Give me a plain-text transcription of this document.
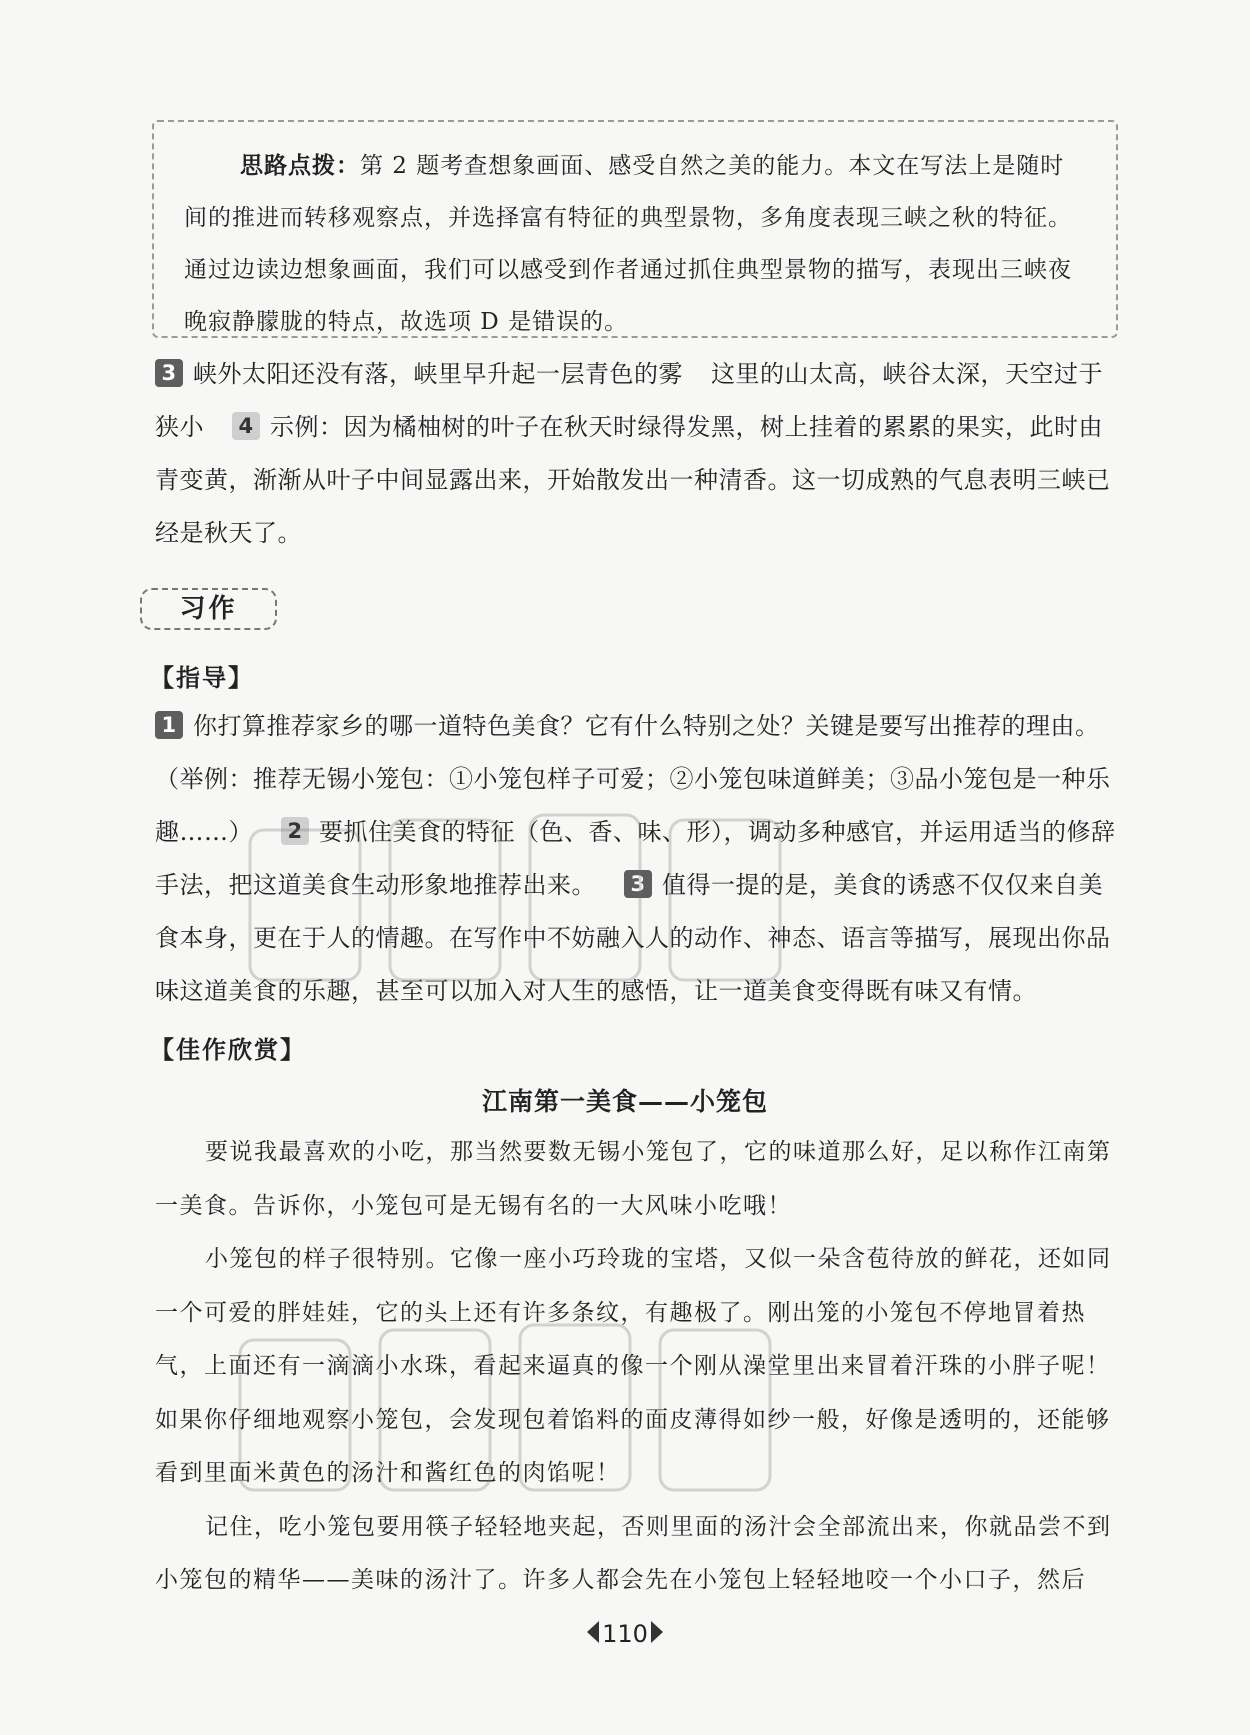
思路点拨：第 2 题考查想象画面、感受自然之美的能力。本文在写法上是随时间的推进而转移观察点，并选择富有特征的典型景物，多角度表现三峡之秋的特征。通过边读边想象画面，我们可以感受到作者通过抓住典型景物的描写，表现出三峡夜晚寂静朦胧的特点，故选项 D 是错误的。
3 峡外太阳还没有落，峡里早升起一层青色的雾 这里的山太高，峡谷太深，天空过于狭小 4 示例：因为橘柚树的叶子在秋天时绿得发黑，树上挂着的累累的果实，此时由青变黄，渐渐从叶子中间显露出来，开始散发出一种清香。这一切成熟的气息表明三峡已经是秋天了。
习作
【指导】
1 你打算推荐家乡的哪一道特色美食？它有什么特别之处？关键是要写出推荐的理由。（举例：推荐无锡小笼包：①小笼包样子可爱；②小笼包味道鲜美；③品小笼包是一种乐趣……） 2 要抓住美食的特征（色、香、味、形），调动多种感官，并运用适当的修辞手法，把这道美食生动形象地推荐出来。 3 值得一提的是，美食的诱惑不仅仅来自美食本身，更在于人的情趣。在写作中不妨融入人的动作、神态、语言等描写，展现出你品味这道美食的乐趣，甚至可以加入对人生的感悟，让一道美食变得既有味又有情。
【佳作欣赏】
江南第一美食——小笼包

要说我最喜欢的小吃，那当然要数无锡小笼包了，它的味道那么好，足以称作江南第一美食。告诉你，小笼包可是无锡有名的一大风味小吃哦！

小笼包的样子很特别。它像一座小巧玲珑的宝塔，又似一朵含苞待放的鲜花，还如同一个可爱的胖娃娃，它的头上还有许多条纹，有趣极了。刚出笼的小笼包不停地冒着热气，上面还有一滴滴小水珠，看起来逼真的像一个刚从澡堂里出来冒着汗珠的小胖子呢！如果你仔细地观察小笼包，会发现包着馅料的面皮薄得如纱一般，好像是透明的，还能够看到里面米黄色的汤汁和酱红色的肉馅呢！

记住，吃小笼包要用筷子轻轻地夹起，否则里面的汤汁会全部流出来，你就品尝不到小笼包的精华——美味的汤汁了。许多人都会先在小笼包上轻轻地咬一个小口子，然后

110
